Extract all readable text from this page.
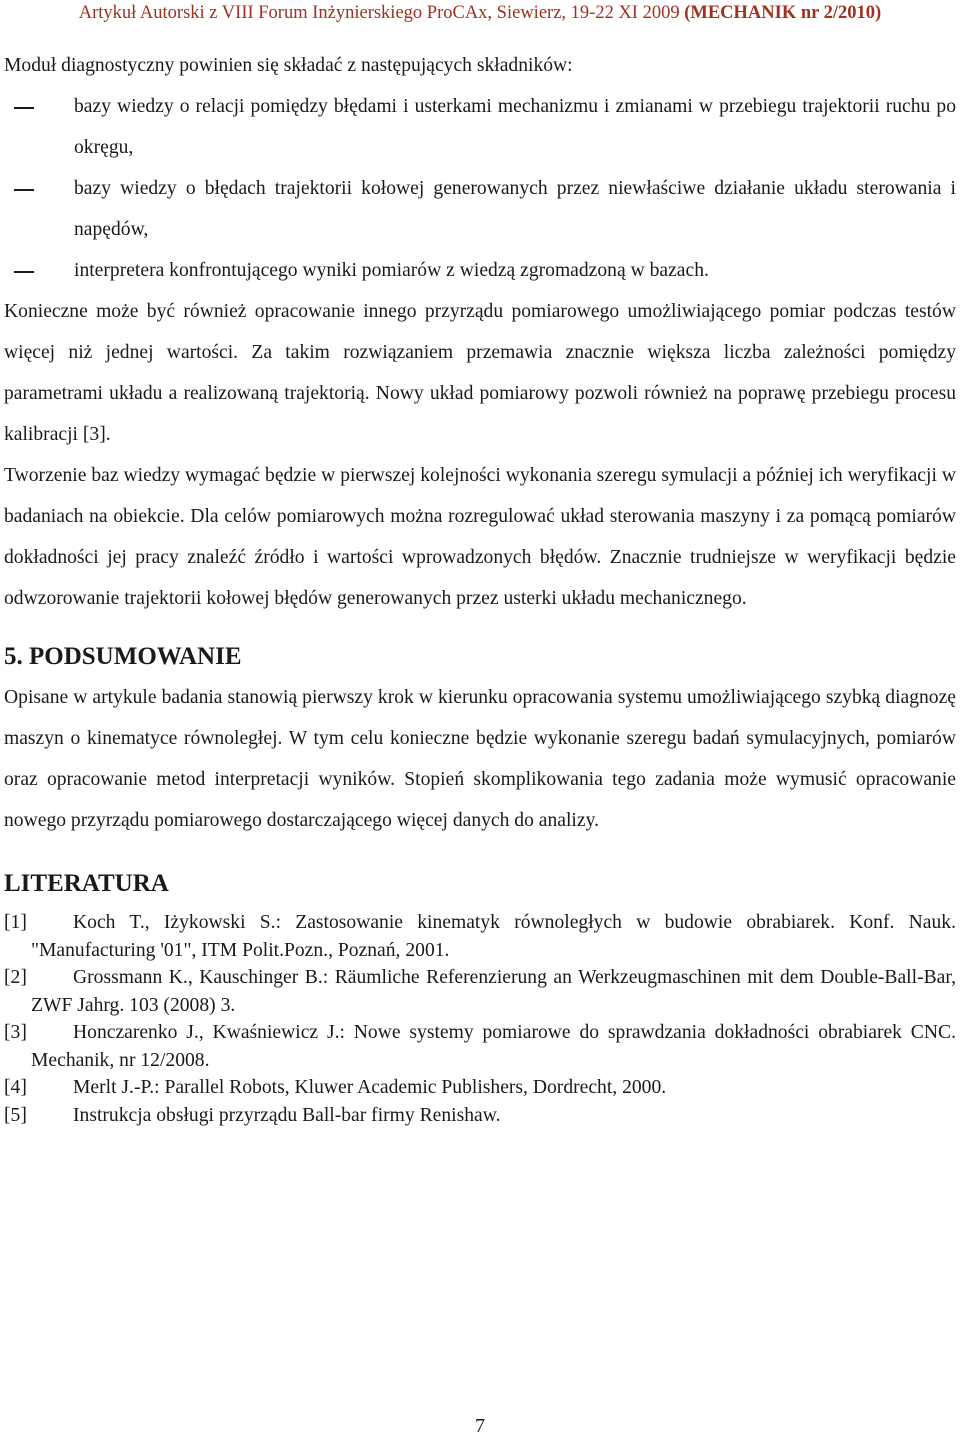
Artykuł Autorski z VIII Forum Inżynierskiego ProCAx, Siewierz, 19-22 XI 2009 (MECHANIK nr 2/2010)

Moduł diagnostyczny powinien się składać z następujących składników:

bazy wiedzy o relacji pomiędzy błędami i usterkami mechanizmu i zmianami w przebiegu trajektorii ruchu po okręgu,
bazy wiedzy o błędach trajektorii kołowej generowanych przez niewłaściwe działanie układu sterowania i napędów,
interpretera konfrontującego wyniki pomiarów z wiedzą zgromadzoną w bazach.

Konieczne może być również opracowanie innego przyrządu pomiarowego umożliwiającego pomiar podczas testów więcej niż jednej wartości. Za takim rozwiązaniem przemawia znacznie większa liczba zależności pomiędzy parametrami układu a realizowaną trajektorią. Nowy układ pomiarowy pozwoli również na poprawę przebiegu procesu kalibracji [3].

Tworzenie baz wiedzy wymagać będzie w pierwszej kolejności wykonania szeregu symulacji a później ich weryfikacji w badaniach na obiekcie. Dla celów pomiarowych można rozregulować układ sterowania maszyny i za pomącą pomiarów dokładności jej pracy znaleźć źródło i wartości wprowadzonych błędów. Znacznie trudniejsze w weryfikacji będzie odwzorowanie trajektorii kołowej błędów generowanych przez usterki układu mechanicznego.

5. PODSUMOWANIE

Opisane w artykule badania stanowią pierwszy krok w kierunku opracowania systemu umożliwiającego szybką diagnozę maszyn o kinematyce równoległej. W tym celu konieczne będzie wykonanie szeregu badań symulacyjnych, pomiarów oraz opracowanie metod interpretacji wyników. Stopień skomplikowania tego zadania może wymusić opracowanie nowego przyrządu pomiarowego dostarczającego więcej danych do analizy.

LITERATURA
[1] Koch T., Iżykowski S.: Zastosowanie kinematyk równoległych w budowie obrabiarek. Konf. Nauk. "Manufacturing '01", ITM Polit.Pozn., Poznań, 2001.
[2] Grossmann K., Kauschinger B.: Räumliche Referenzierung an Werkzeugmaschinen mit dem Double-Ball-Bar, ZWF Jahrg. 103 (2008) 3.
[3] Honczarenko J., Kwaśniewicz J.: Nowe systemy pomiarowe do sprawdzania dokładności obrabiarek CNC. Mechanik, nr 12/2008.
[4] Merlt J.-P.: Parallel Robots, Kluwer Academic Publishers, Dordrecht, 2000.
[5] Instrukcja obsługi przyrządu Ball-bar firmy Renishaw.
7
